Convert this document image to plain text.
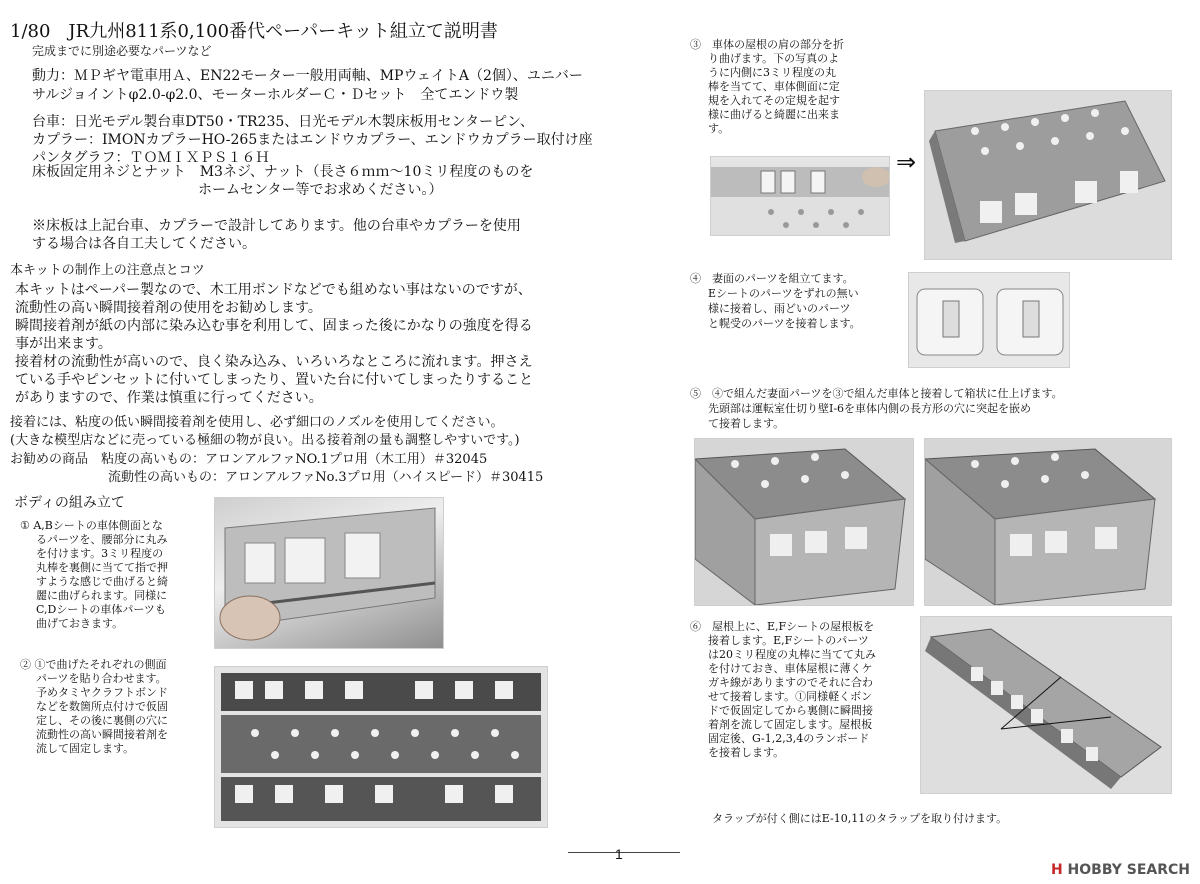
1/80　JR九州811系0,100番代ペーパーキット組立て説明書
完成までに別途必要なパーツなど
動力：ＭＰギヤ電車用Ａ、EN22モーター一般用両軸、MPウェイトA（2個）、ユニバー
サルジョイントφ2.0-φ2.0、モーターホルダーＣ・Ｄセット　全てエンドウ製
台車：日光モデル製台車DT50・TR235、日光モデル木製床板用センターピン、
カプラー：IMONカプラーHO-265またはエンドウカプラー、エンドウカプラー取付け座
パンタグラフ：ＴＯＭＩＸＰＳ１６Ｈ
床板固定用ネジとナット　M3ネジ、ナット（長さ６ｍｍ～10ミリ程度のものを
ホームセンター等でお求めください。）
※床板は上記台車、カプラーで設計してあります。他の台車やカプラーを使用
する場合は各自工夫してください。
本キットの制作上の注意点とコツ
本キットはペーパー製なので、木工用ボンドなどでも組めない事はないのですが、
流動性の高い瞬間接着剤の使用をお勧めします。
瞬間接着剤が紙の内部に染み込む事を利用して、固まった後にかなりの強度を得る
事が出来ます。
接着材の流動性が高いので、良く染み込み、いろいろなところに流れます。押さえ
ている手やピンセットに付いてしまったり、置いた台に付いてしまったりすること
がありますので、作業は慎重に行ってください。
接着には、粘度の低い瞬間接着剤を使用し、必ず細口のノズルを使用してください。
(大きな模型店などに売っている極細の物が良い。出る接着剤の量も調整しやすいです。)
お勧めの商品　粘度の高いもの：アロンアルファNO.1プロ用（木工用）＃32045
流動性の高いもの：アロンアルファNo.3プロ用（ハイスピード）＃30415
ボディの組み立て
① A,Bシートの車体側面とな
るパーツを、腰部分に丸み
を付けます。3ミリ程度の
丸棒を裏側に当てて指で押
すような感じで曲げると綺
麗に曲げられます。同様に
C,Dシートの車体パーツも
曲げておきます。
② ①で曲げたそれぞれの側面
パーツを貼り合わせます。
予めタミヤクラフトボンド
などを数箇所点付けで仮固
定し、その後に裏側の穴に
流動性の高い瞬間接着剤を
流して固定します。
③　車体の屋根の肩の部分を折
り曲げます。下の写真のよ
うに内側に3ミリ程度の丸
棒を当てて、車体側面に定
規を入れてその定規を起す
様に曲げると綺麗に出来ま
す。
⇒
④　妻面のパーツを組立てます。
Eシートのパーツをずれの無い
様に接着し、雨どいのパーツ
と幌受のパーツを接着します。
⑤　④で組んだ妻面パーツを③で組んだ車体と接着して箱状に仕上げます。
先頭部は運転室仕切り壁I-6を車体内側の長方形の穴に突起を嵌め
て接着します。
⑥　屋根上に、E,Fシートの屋根板を
接着します。E,Fシートのパーツ
は20ミリ程度の丸棒に当てて丸み
を付けておき、車体屋根に薄くケ
ガキ線がありますのでそれに合わ
せて接着します。①同様軽くボン
ドで仮固定してから裏側に瞬間接
着剤を流して固定します。屋根板
固定後、G-1,2,3,4のランボード
を接着します。
タラップが付く側にはE-10,11のタラップを取り付けます。
1
H HOBBY SEARCH
